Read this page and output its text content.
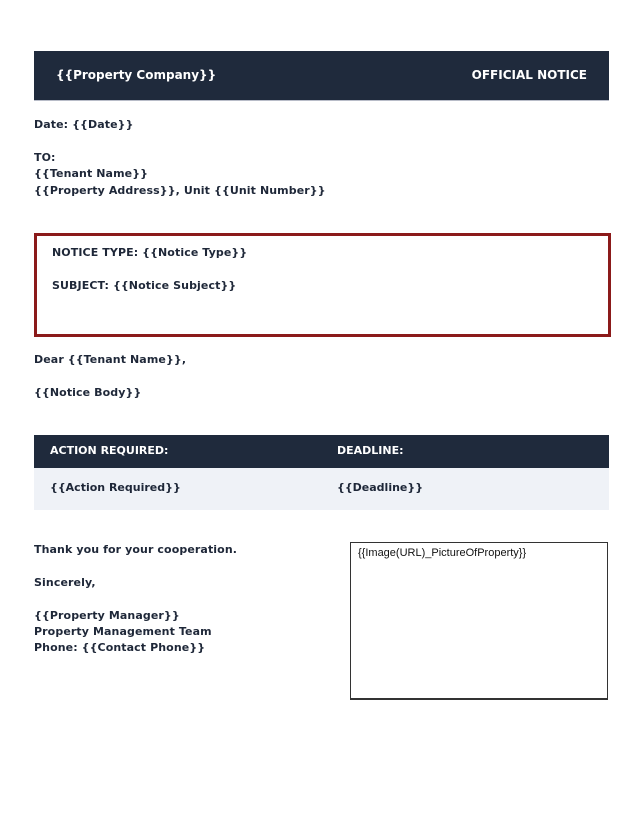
{{Property Company}}	OFFICIAL NOTICE
Date: {{Date}}
TO:
{{Tenant Name}}
{{Property Address}}, Unit {{Unit Number}}
NOTICE TYPE: {{Notice Type}}
SUBJECT: {{Notice Subject}}
Dear {{Tenant Name}},
{{Notice Body}}
ACTION REQUIRED:	DEADLINE:
{{Action Required}}	{{Deadline}}
Thank you for your cooperation.
Sincerely,
{{Property Manager}}
Property Management Team
Phone: {{Contact Phone}}
{{Image(URL)_PictureOfProperty}}
